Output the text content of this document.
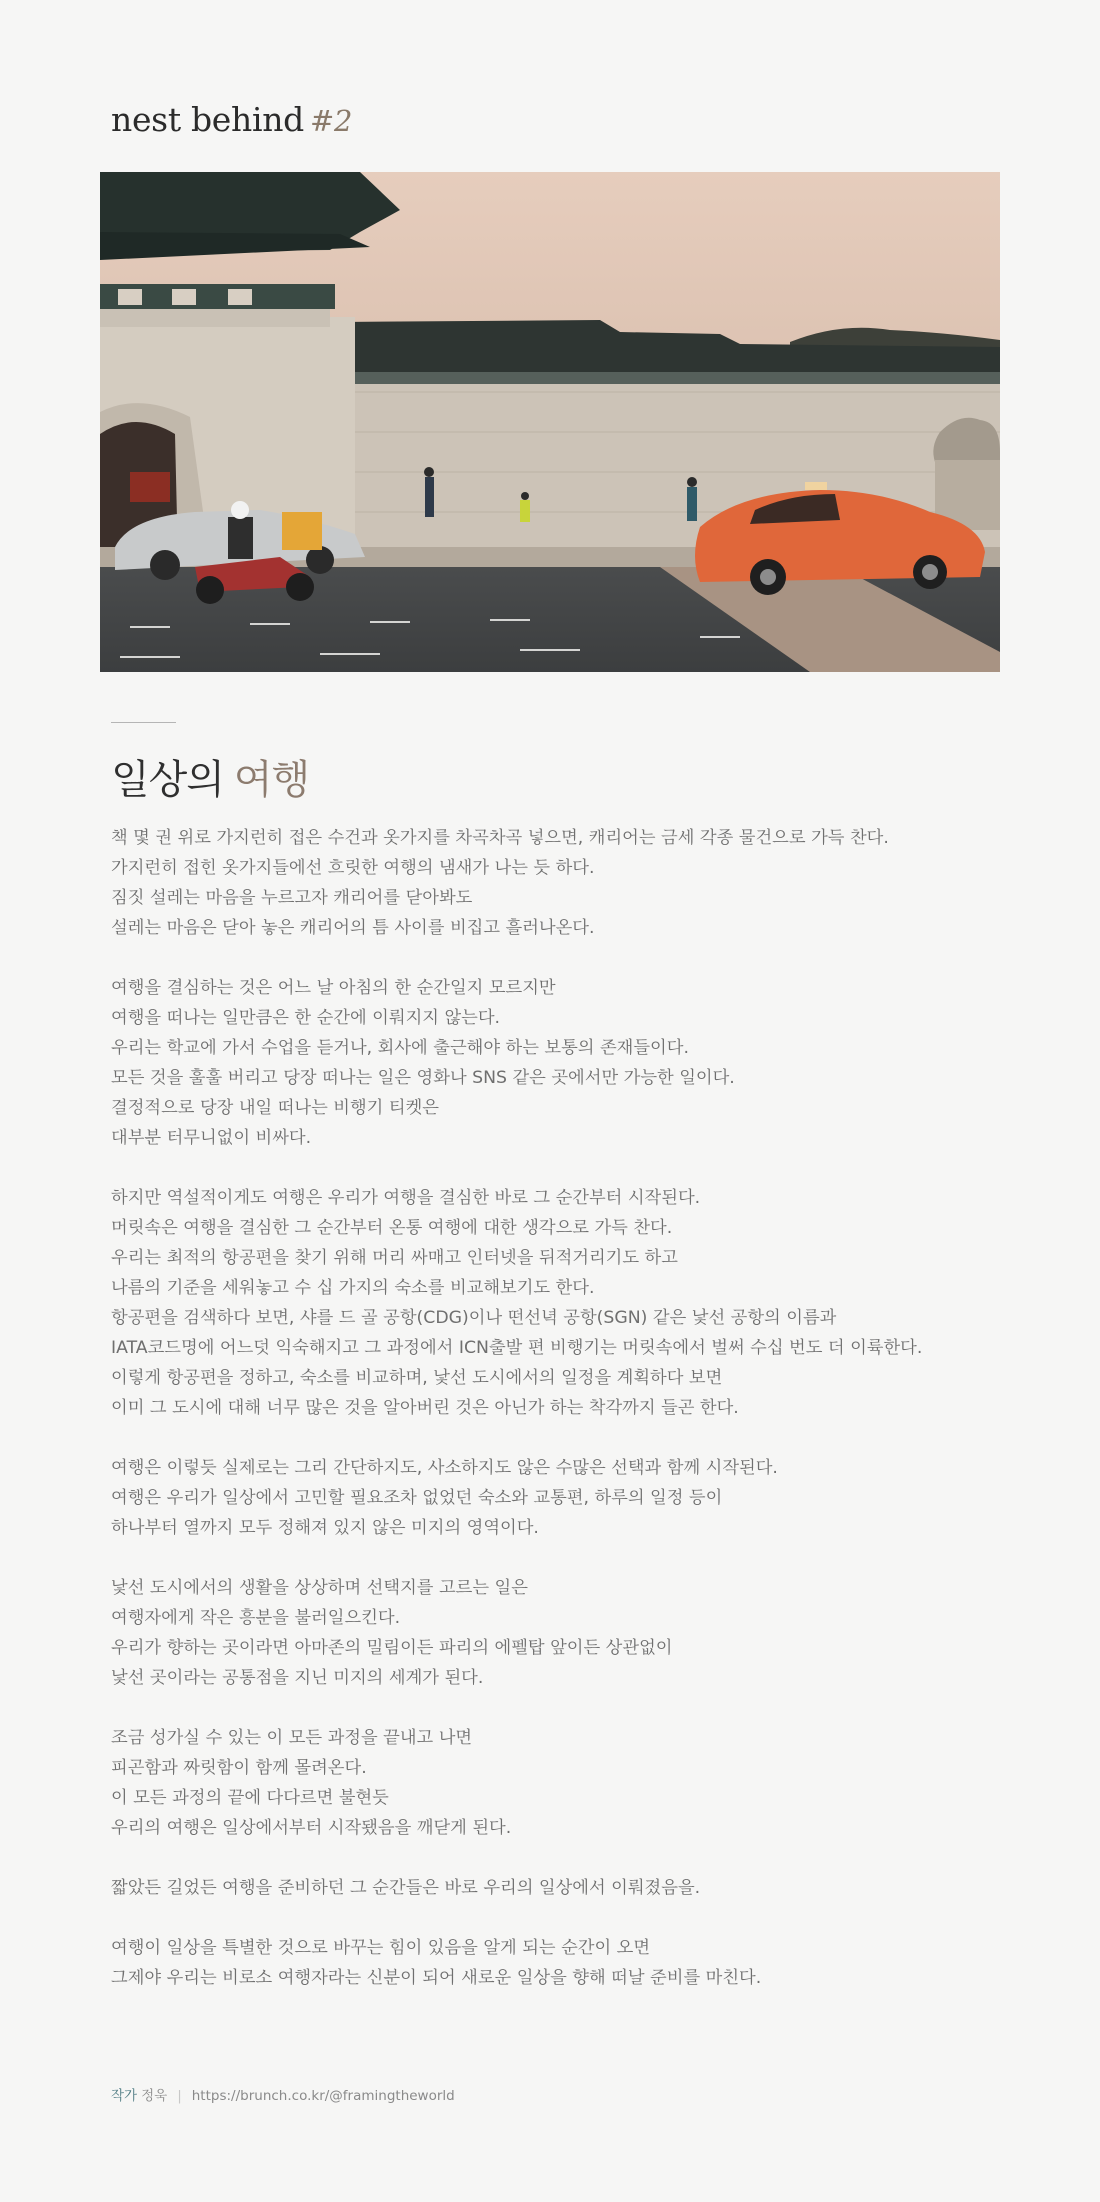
nest behind #2
일상의 여행

책 몇 권 위로 가지런히 접은 수건과 옷가지를 차곡차곡 넣으면, 캐리어는 금세 각종 물건으로 가득 찬다.
가지런히 접힌 옷가지들에선 흐릿한 여행의 냄새가 나는 듯 하다.
짐짓 설레는 마음을 누르고자 캐리어를 닫아봐도
설레는 마음은 닫아 놓은 캐리어의 틈 사이를 비집고 흘러나온다.

여행을 결심하는 것은 어느 날 아침의 한 순간일지 모르지만
여행을 떠나는 일만큼은 한 순간에 이뤄지지 않는다.
우리는 학교에 가서 수업을 듣거나, 회사에 출근해야 하는 보통의 존재들이다.
모든 것을 훌훌 버리고 당장 떠나는 일은 영화나 SNS 같은 곳에서만 가능한 일이다.
결정적으로 당장 내일 떠나는 비행기 티켓은
대부분 터무니없이 비싸다.

하지만 역설적이게도 여행은 우리가 여행을 결심한 바로 그 순간부터 시작된다.
머릿속은 여행을 결심한 그 순간부터 온통 여행에 대한 생각으로 가득 찬다.
우리는 최적의 항공편을 찾기 위해 머리 싸매고 인터넷을 뒤적거리기도 하고
나름의 기준을 세워놓고 수 십 가지의 숙소를 비교해보기도 한다.
항공편을 검색하다 보면, 샤를 드 골 공항(CDG)이나 떤선녁 공항(SGN) 같은 낯선 공항의 이름과
IATA코드명에 어느덧 익숙해지고 그 과정에서 ICN출발 편 비행기는 머릿속에서 벌써 수십 번도 더 이륙한다.
이렇게 항공편을 정하고, 숙소를 비교하며, 낯선 도시에서의 일정을 계획하다 보면
이미 그 도시에 대해 너무 많은 것을 알아버린 것은 아닌가 하는 착각까지 들곤 한다.

여행은 이렇듯 실제로는 그리 간단하지도, 사소하지도 않은 수많은 선택과 함께 시작된다.
여행은 우리가 일상에서 고민할 필요조차 없었던 숙소와 교통편, 하루의 일정 등이
하나부터 열까지 모두 정해져 있지 않은 미지의 영역이다.

낯선 도시에서의 생활을 상상하며 선택지를 고르는 일은
여행자에게 작은 흥분을 불러일으킨다.
우리가 향하는 곳이라면 아마존의 밀림이든 파리의 에펠탑 앞이든 상관없이
낯선 곳이라는 공통점을 지닌 미지의 세계가 된다.

조금 성가실 수 있는 이 모든 과정을 끝내고 나면
피곤함과 짜릿함이 함께 몰려온다.
이 모든 과정의 끝에 다다르면 불현듯
우리의 여행은 일상에서부터 시작됐음을 깨닫게 된다.

짧았든 길었든 여행을 준비하던 그 순간들은 바로 우리의 일상에서 이뤄졌음을.

여행이 일상을 특별한 것으로 바꾸는 힘이 있음을 알게 되는 순간이 오면
그제야 우리는 비로소 여행자라는 신분이 되어 새로운 일상을 향해 떠날 준비를 마친다.

작가 정욱 | https://brunch.co.kr/@framingtheworld
